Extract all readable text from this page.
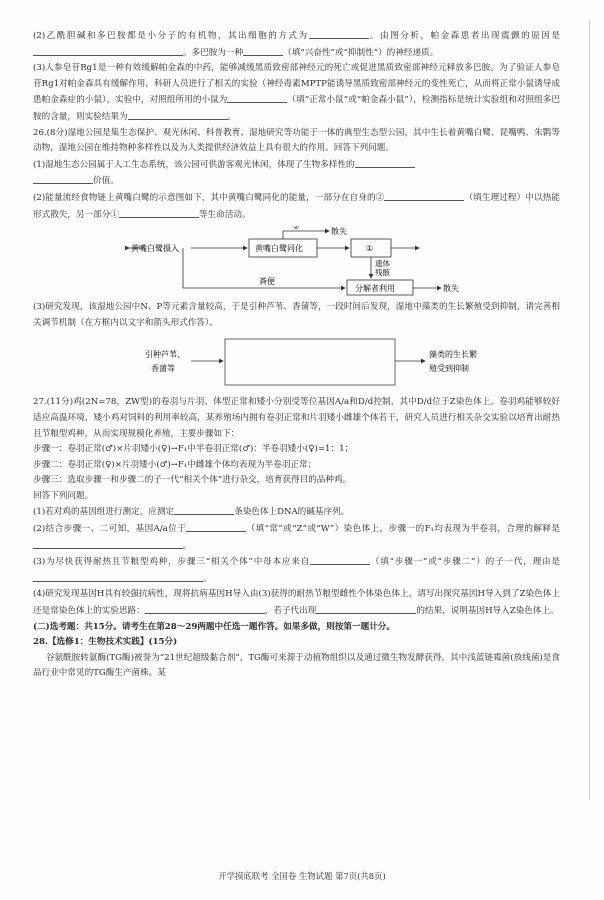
(2)乙酰胆碱和多巴胺都是小分子的有机物，其出细胞的方式为	。由图分析，帕金森患者出现震颤的原因是。多巴胺为一种	（填“兴奋性”或“抑制性”）的神经递质。

(3)人参皂苷Rg1是一种有效缓解帕金森的中药，能够减缓黑质致密部神经元的死亡或促进黑质致密部神经元释放多巴胺。为了验证人参皂苷Rg1对帕金森具有缓解作用，科研人员进行了相关的实验（神经毒素MPTP能诱导黑质致密部神经元的变性死亡，从而将正常小鼠诱导成患帕金森症的小鼠），实验中，对照组所用的小鼠为	（填“正常小鼠”或“帕金森小鼠”），检测指标是统计实验组和对照组多巴胺的含量，则实验结果为	。

26.(8分)湿地公园是集生态保护、观光休闲、科普教育、湿地研究等功能于一体的典型生态型公园，其中生长着黄嘴白鹭、琵嘴鸭、朱鹮等动物，湿地公园在维持物种多样性以及为人类提供经济效益上具有很大的作用。回答下列问题。

(1)湿地生态公园属于人工生态系统，该公园可供游客观光休闲，体现了生物多样性的
价值。

(2)能量流经食物链上黄嘴白鹭的示意图如下，其中黄嘴白鹭同化的能量，一部分在自身的②	（填生理过程）中以热能形式散失，另一部分①	等生命活动。

黄嘴白鹭摄入	黄嘴白鹭同化
②	散失
①
遗体
残骸
粪便
分解者利用	散失

(3)研究发现，该湿地公园中N、P等元素含量较高，于是引种芦苇、香蒲等，一段时间后发现，湿地中藻类的生长繁殖受到抑制，请完善相关调节机制（在方框内以文字和箭头形式作答）。

引种芦苇、
香蒲等
藻类的生长繁
殖受到抑制

27.(11分)鸡(2N=78，ZW型)的卷羽与片羽、体型正常和矮小分别受等位基因A/a和D/d控制，其中D/d位于Z染色体上。卷羽鸡能够较好适应高温环境，矮小鸡对饲料的利用率较高，某养殖场内拥有卷羽正常和片羽矮小雌雄个体若干，研究人员进行相关杂交实验以培育出耐热且节粮型鸡种，从而实现规模化养殖，主要步骤如下：

步骤一：卷羽正常(♂)×片羽矮小(♀)→F₁中半卷羽正常(♂)：半卷羽矮小(♀)=1：1；

步骤二：卷羽正常(♀)×片羽矮小(♂)→F₁中雌雄个体均表现为半卷羽正常；

步骤三：选取步骤一和步骤二的子一代“相关个体”进行杂交，培育获得目的品种鸡。

回答下列问题。

(1)若对鸡的基因组进行测定，应测定	条染色体上DNA的碱基序列。

(2)结合步骤一、二可知，基因A/a位于	（填“常”或“Z”或“W”）染色体上，步骤一的F₁均表现为半卷羽，合理的解释是。

(3)为尽快获得耐热且节粮型鸡种，步骤三“相关个体”中母本应来自	（填“步骤一”或“步骤二”）的子一代，理由是。

(4)研究发现基因H具有较强抗病性，现将抗病基因H导入由(3)获得的耐热节粮型雌性个体染色体上。请写出探究基因H导入到了Z染色体上还是常染色体上的实验思路：	，若子代出现	的结果，说明基因H导入Z染色体上。

(二)选考题：共15分。请考生在第28～29两题中任选一题作答。如果多做，则按第一题计分。

28.【选修1：生物技术实践】(15分)

谷氨酰胺转氨酶(TG酶)被誉为“21世纪超级黏合剂”，TG酶可来源于动植物组织以及通过微生物发酵获得，其中浅蓝链霉菌(放线菌)是食品行业中常见的TG酶生产菌株。某

开学摸底联考 全国卷 生物试题 第7页(共8页)
